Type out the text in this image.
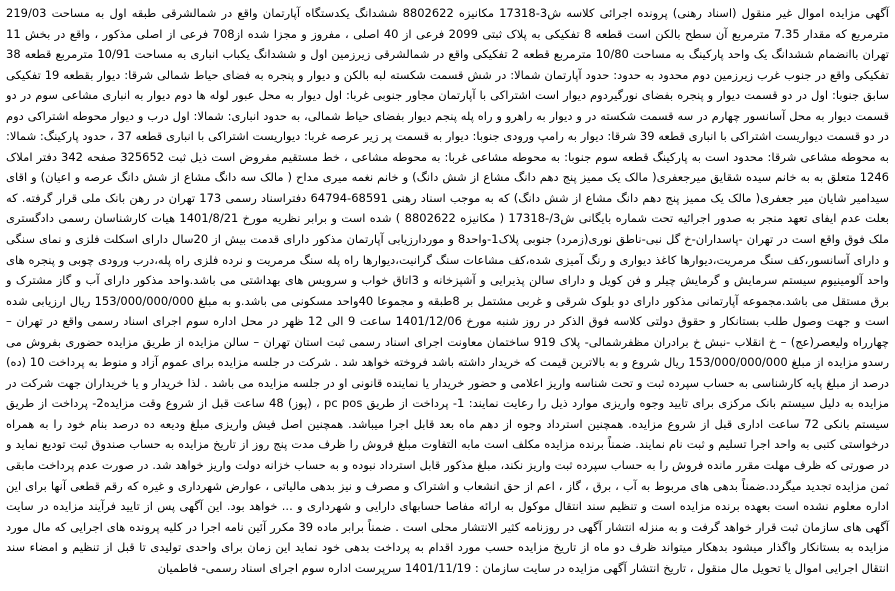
آگهی مزایده اموال غیر منقول (اسناد رهنی) پرونده اجرائی کلاسه ش‌3-17318 مکانیزه 8802622 ششدانگ یکدستگاه آپارتمان واقع در شمالشرقی طبقه اول به مساحت 219/03 مترمربع که مقدار 7.35 مترمربع آن سطح بالکن است قطعه 8 تفکیکی به پلاک ثبتی 2099 فرعی از 40 اصلی ، مفروز و مجزا شده از708 فرعی از اصلی مذکور ، واقع در بخش 11 تهران باانضمام ششدانگ یک واحد پارکینگ به مساحت 10/80 مترمربع قطعه 2 تفکیکی واقع در شمالشرقی زیرزمین اول و ششدانگ یکباب انباری به مساحت 10/91 مترمربع قطعه 38 تفکیکی واقع در جنوب غرب زیرزمین دوم محدود به حدود: حدود آپارتمان شمالا: در شش قسمت شکسته لبه بالکن و دیوار و پنجره به فضای حیاط شمالی شرقا: دیوار بقطعه 19 تفکیکی سابق جنوبا: اول در دو قسمت دیوار و پنجره بفضای نورگیردوم دیوار است اشتراکی با آپارتمان مجاور جنوبی غربا: اول دیوار به محل عبور لوله ها دوم دیوار به انباری مشاعی سوم در دو قسمت دیوار به محل آسانسور چهارم در سه قسمت شکسته در و دیوار به راهرو و راه پله پنجم دیوار بفضای حیاط شمالی، به حدود انباری: شمالا: اول درب و دیوار محوطه اشتراکی دوم در دو قسمت دیواریست اشتراکی با انباری قطعه 39 شرقا: دیوار به رامپ ورودی جنوبا: دیوار به قسمت پر زیر عرصه غربا: دیواریست اشتراکی با انباری قطعه 37 ، حدود پارکینگ: شمالا: به محوطه مشاعی شرقا: محدود است به پارکینگ قطعه سوم جنوبا: به محوطه مشاعی غربا: به محوطه مشاعی ، خط مستقیم مفروض است ذیل ثبت 325652 صفحه 342 دفتر املاک 1246 متعلق به به خانم سیده شقایق میرجعفری( مالک یک ممیز پنج دهم دانگ مشاع از شش دانگ) و خانم نغمه میری مداح ( مالک سه دانگ مشاع از شش دانگ عرصه و اعیان) و اقای سیدامیر شایان میر جعفری( مالک یک ممیز پنج دهم دانگ مشاع از شش دانگ) که به موجب اسناد رهنی 68591-64794 دفتراسناد رسمی 173 تهران در رهن بانک ملی قرار گرفته. که بعلت عدم ایفای تعهد منجر به صدور اجرائیه تحت شماره بایگانی ش3/-17318 ( مکانیزه 8802622 ) شده است و برابر نظریه مورخ 1401/8/21 هیات کارشناسان رسمی دادگستری ملک فوق واقع است در تهران -پاسداران-خ گل نبی-ناطق نوری(زمرد) جنوبی پلاک1-واحد8 و موردارزیابی آپارتمان مذکور دارای قدمت بیش از 20سال دارای اسکلت فلزی و نمای سنگی و دارای آسانسور،کف سنگ مرمریت،دیوارها کاغذ دیواری و رنگ آمیزی شده،کف مشاعات سنگ گرانیت،دیوارها راه پله سنگ مرمریت و نرده فلزی راه پله،درب ورودی چوبی و پنجره های واحد آلومینیوم سیستم سرمایش و گرمایش چیلر و فن کویل و دارای سالن پذیرایی و آشپزخانه و 3اتاق خواب و سرویس های بهداشتی می باشد.واحد مذکور دارای آب و گاز مشترک و برق مستقل می باشد.مجموعه آپارتمانی مذکور دارای دو بلوک شرقی و غربی مشتمل بر 8طبقه و مجموعا 40واحد مسکونی می باشد.و به مبلغ 153/000/000/000 ریال ارزیابی شده است و جهت وصول طلب بستانکار و حقوق دولتی کلاسه فوق الذکر در روز شنبه مورخ 1401/12/06 ساعت 9 الی 12 ظهر در محل اداره سوم اجرای اسناد رسمی واقع در تهران – چهارراه ولیعصر(عج) – خ انقلاب -نبش خ برادران مظفرشمالی- پلاک 919 ساختمان معاونت اجرای اسناد رسمی ثبت استان تهران – سالن مزایده از طریق مزایده حضوری بفروش می رسدو مزایده از مبلغ 153/000/000/000 ریال شروع و به بالاترین قیمت که خریدار داشته باشد فروخته خواهد شد . شرکت در جلسه مزایده برای عموم آزاد و منوط به پرداخت 10 (ده) درصد از مبلغ پایه کارشناسی به حساب سپرده ثبت و تحت شناسه واریز اعلامی و حضور خریدار یا نماینده قانونی او در جلسه مزایده می باشد . لذا خریدار و یا خریداران جهت شرکت در مزایده به دلیل سیستم بانک مرکزی برای تایید وجوه واریزی موارد ذیل را رعایت نمایند: 1- پرداخت از طریق pc pos ، (پوز) 48 ساعت قبل از شروع وقت مزایده2- پرداخت از طریق سیستم بانکی 72 ساعت اداری قبل از شروع مزایده. همچنین استرداد وجوه از دهم ماه بعد قابل اجرا میباشد. همچنین اصل فیش واریزی مبلغ ودیعه ده درصد بنام خود را به همراه درخواستی کتبی به واحد اجرا تسلیم و ثبت نام نمایند. ضمناً برنده مزایده مکلف است مابه التفاوت مبلغ فروش را ظرف مدت پنج روز از تاریخ مزایده به حساب صندوق ثبت تودیع نماید و در صورتی که ظرف مهلت مقرر مانده فروش را به حساب سپرده ثبت واریز نکند، مبلغ مذکور قابل استرداد نبوده و به حساب خزانه دولت واریز خواهد شد. در صورت عدم پرداخت مابقی ثمن مزایده تجدید میگردد.ضمناً بدهی های مربوط به آب ، برق ، گاز ، اعم از حق انشعاب و اشتراک و مصرف و نیز بدهی مالیاتی ، عوارض شهرداری و غیره که رقم قطعی آنها برای این اداره معلوم نشده است بعهده برنده مزایده است و تنظیم سند انتقال موکول به ارائه مفاصا حسابهای دارایی و شهرداری و ... خواهد بود. این آگهی پس از تایید فرآیند مزایده در سایت آگهی های سازمان ثبت قرار خواهد گرفت و به منزله انتشار آگهی در روزنامه کثیر الانتشار محلی است . ضمناً برابر ماده 39 مکرر آئین نامه اجرا در کلیه پرونده های اجرایی که مال مورد مزایده به بستانکار واگذار میشود بدهکار میتواند ظرف دو ماه از تاریخ مزایده حسب مورد اقدام به پرداخت بدهی خود نماید این زمان برای واحدی تولیدی تا قبل از تنظیم و امضاء سند انتقال اجرایی اموال یا تحویل مال منقول ، تاریخ انتشار آگهی مزایده در سایت سازمان : 1401/11/19 سرپرست اداره سوم اجرای اسناد رسمی- فاطمیان
